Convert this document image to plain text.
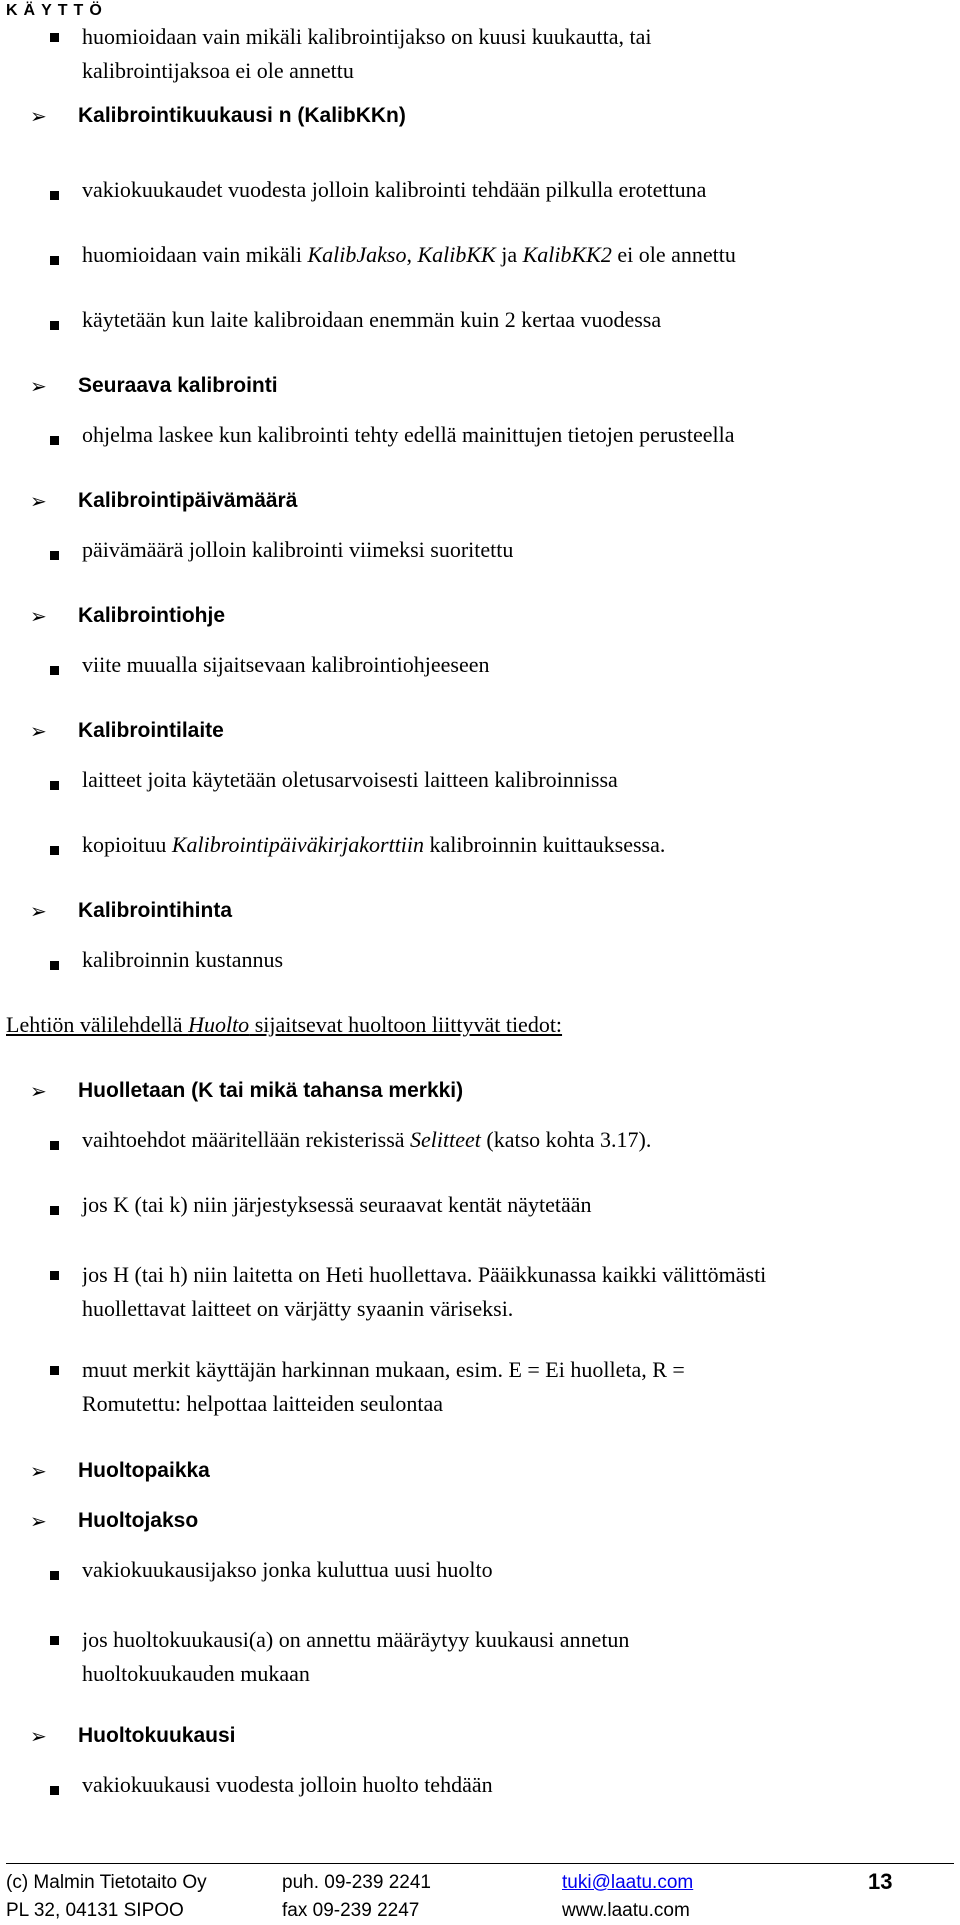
KÄYTTÖ
huomioidaan vain mikäli kalibrointijakso on kuusi kuukautta, tai
kalibrointijaksoa ei ole annettu
➢	Kalibrointikuukausi n (KalibKKn)
vakiokuukaudet vuodesta jolloin kalibrointi tehdään pilkulla erotettuna
huomioidaan vain mikäli KalibJakso, KalibKK ja KalibKK2 ei ole annettu
käytetään kun laite kalibroidaan enemmän kuin 2 kertaa vuodessa
➢	Seuraava kalibrointi
ohjelma laskee kun kalibrointi tehty edellä mainittujen tietojen perusteella
➢	Kalibrointipäivämäärä
päivämäärä jolloin kalibrointi viimeksi suoritettu
➢	Kalibrointiohje
viite muualla sijaitsevaan kalibrointiohjeeseen
➢	Kalibrointilaite
laitteet joita käytetään oletusarvoisesti laitteen kalibroinnissa
kopioituu Kalibrointipäiväkirjakorttiin kalibroinnin kuittauksessa.
➢	Kalibrointihinta
kalibroinnin kustannus
Lehtiön välilehdellä Huolto sijaitsevat huoltoon liittyvät tiedot:
➢	Huolletaan (K tai mikä tahansa merkki)
vaihtoehdot määritellään rekisterissä Selitteet (katso kohta 3.17).
jos K (tai k) niin järjestyksessä seuraavat kentät näytetään
jos H (tai h) niin laitetta on Heti huollettava. Pääikkunassa kaikki välittömästi
huollettavat laitteet on värjätty syaanin väriseksi.
muut merkit käyttäjän harkinnan mukaan, esim. E = Ei huolleta, R =
Romutettu: helpottaa laitteiden seulontaa
➢	Huoltopaikka
➢	Huoltojakso
vakiokuukausijakso jonka kuluttua uusi huolto
jos huoltokuukausi(a) on annettu määräytyy kuukausi annetun
huoltokuukauden mukaan
➢	Huoltokuukausi
vakiokuukausi vuodesta jolloin huolto tehdään
(c) Malmin Tietotaito Oy	puh. 09-239 2241	tuki@laatu.com	13
PL 32, 04131 SIPOO	fax 09-239 2247	www.laatu.com
